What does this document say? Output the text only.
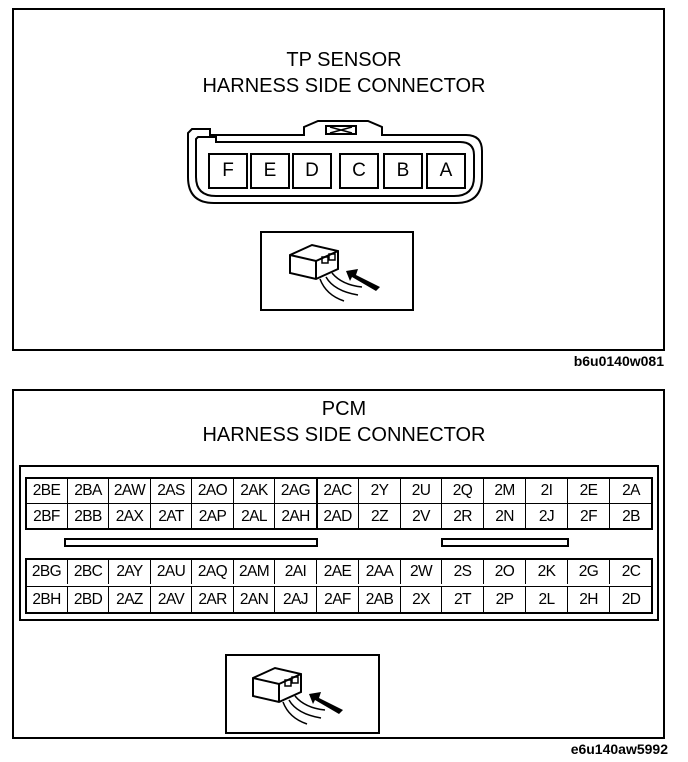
TP SENSOR
HARNESS SIDE CONNECTOR
F	E	D	C	B	A
b6u0140w081
PCM
HARNESS SIDE CONNECTOR
2BE 2BA 2AW 2AS 2AO 2AK 2AG 2AC	2Y	2U	2Q	2M	2I	2E	2A
2BF 2BB 2AX 2AT 2AP 2AL 2AH 2AD	2Z	2V	2R	2N	2J	2F	2B
2BG 2BC 2AY 2AU 2AQ 2AM	2AI	2AE 2AA	2W	2S	2O	2K	2G	2C
2BH 2BD 2AZ 2AV 2AR 2AN 2AJ	2AF 2AB	2X	2T	2P	2L	2H	2D
e6u140aw5992
